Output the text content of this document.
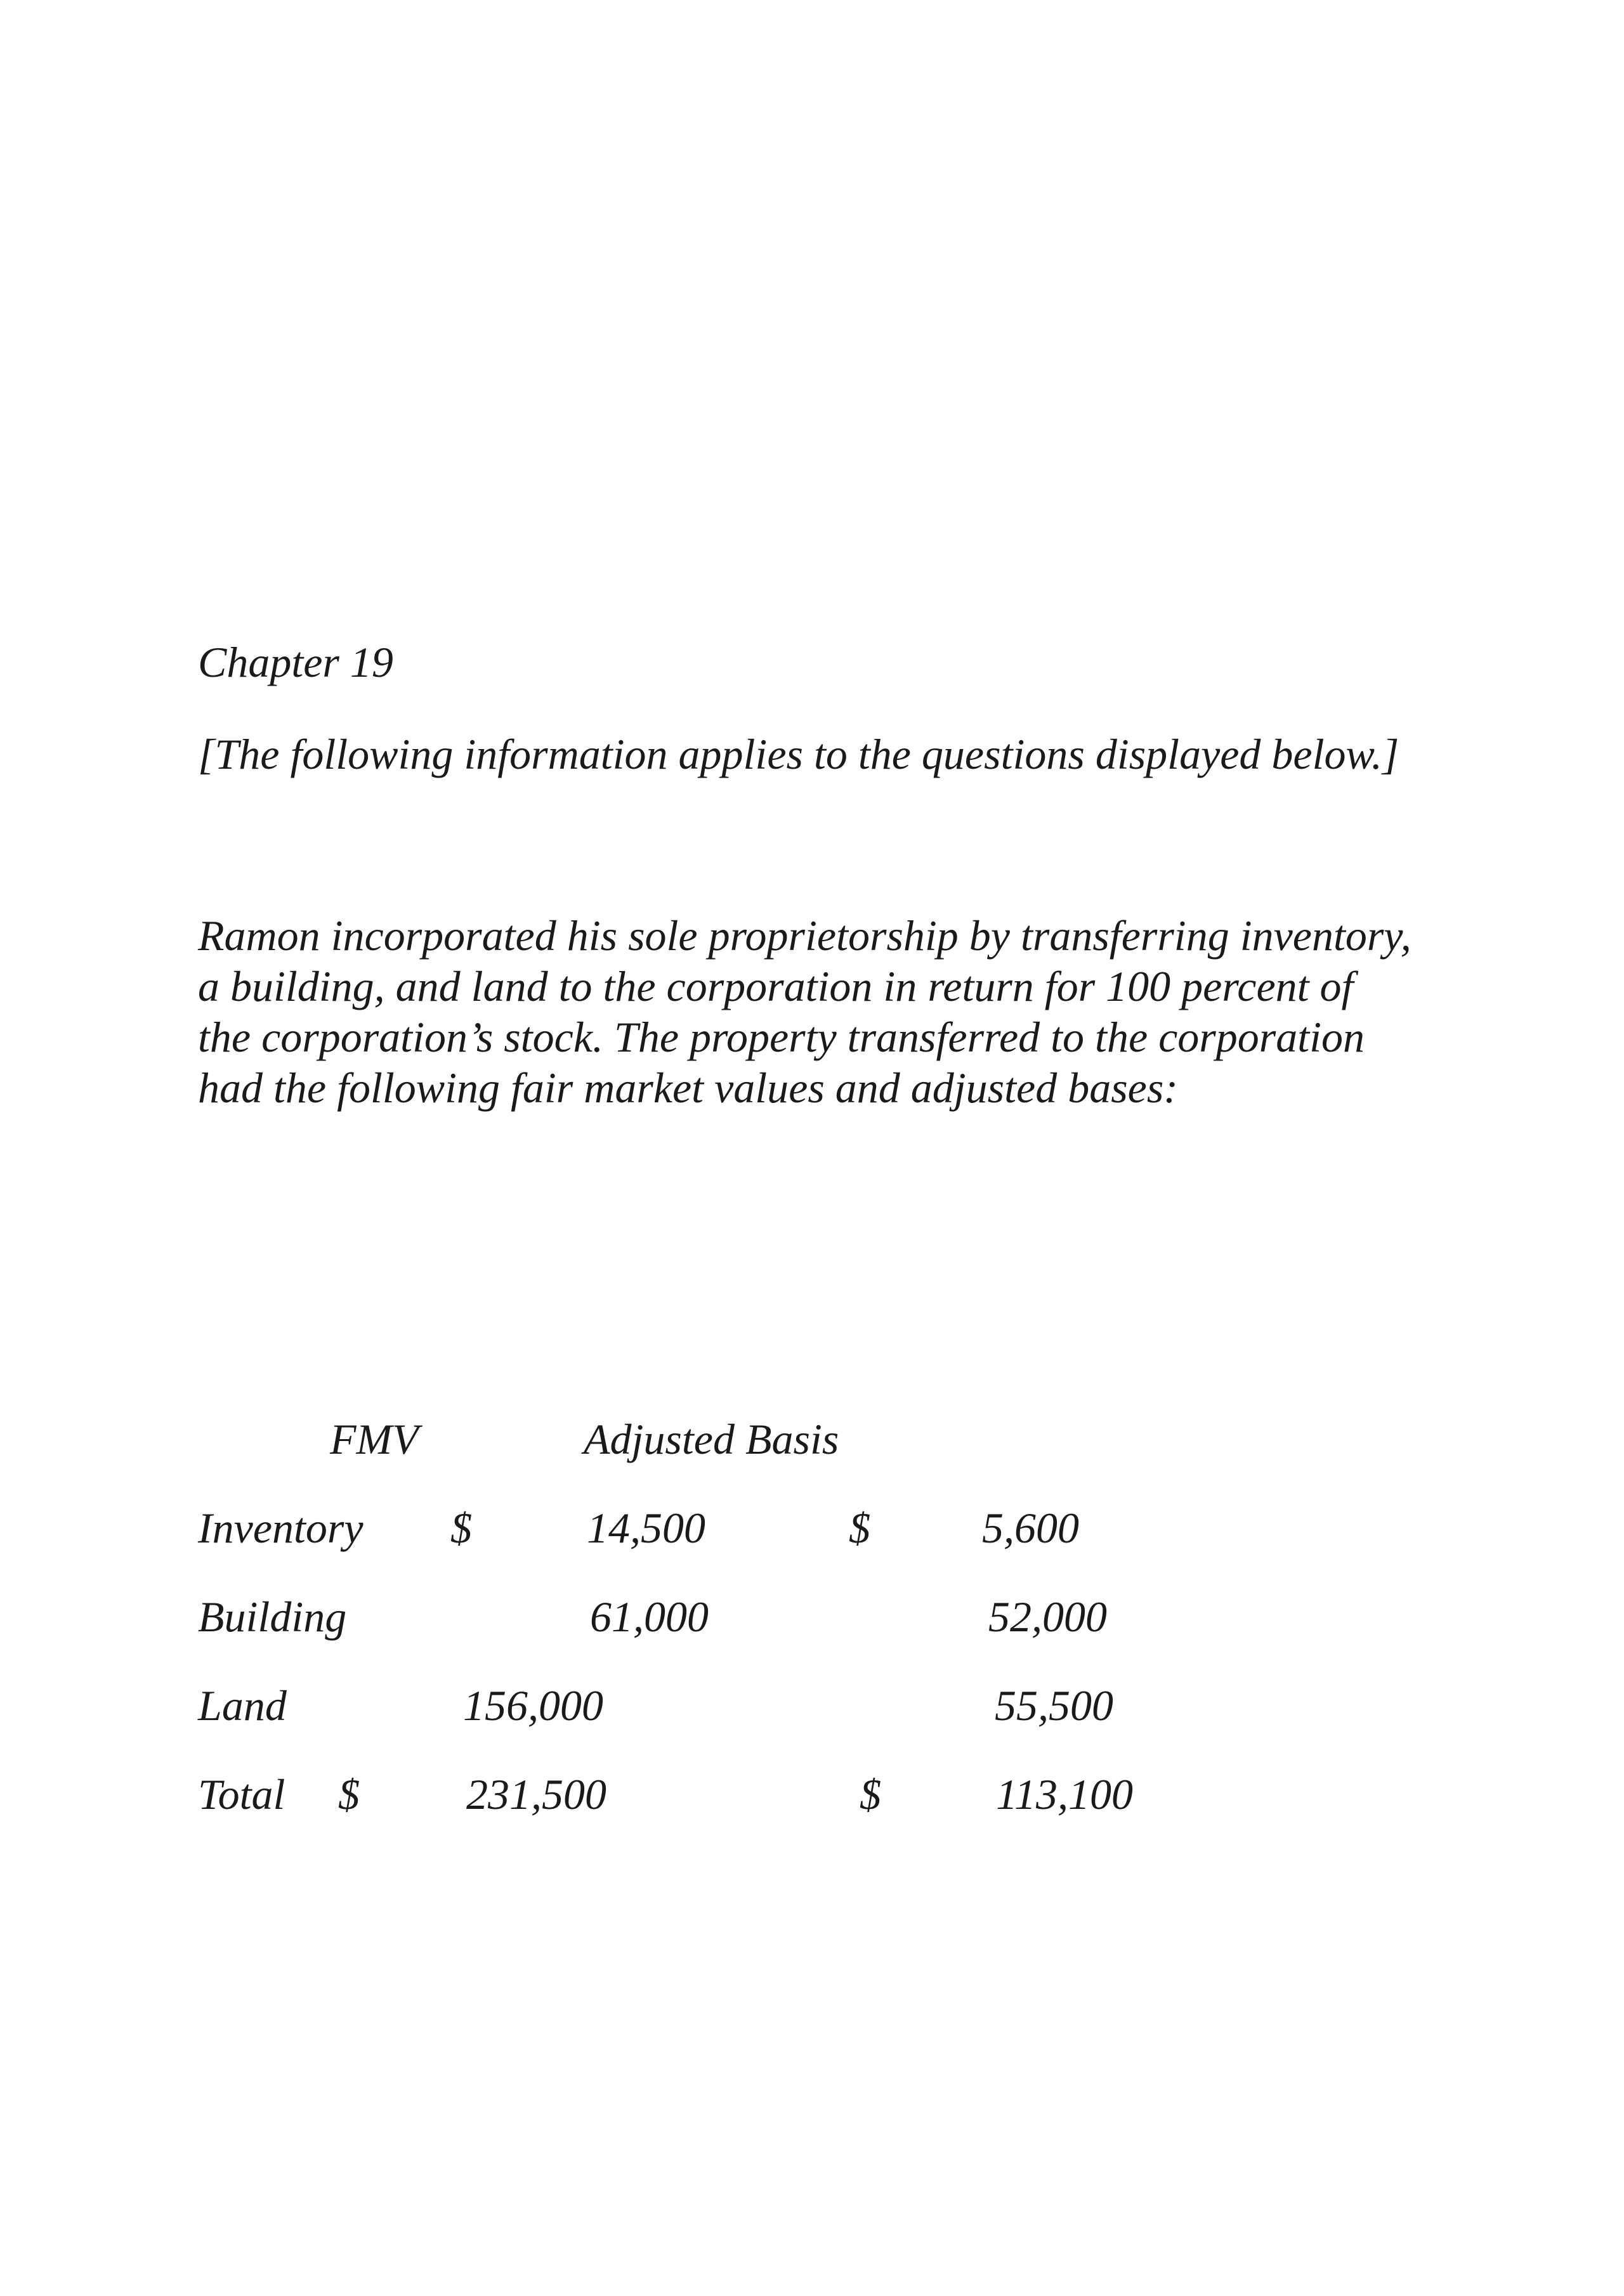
Chapter 19
[The following information applies to the questions displayed below.]
Ramon incorporated his sole proprietorship by transferring inventory,
a building, and land to the corporation in return for 100 percent of
the corporation’s stock. The property transferred to the corporation
had the following fair market values and adjusted bases:
FMV	Adjusted Basis
Inventory $	14,500	$	5,600
Building	61,000	52,000
Land	156,000	55,500
Total $ 231,500	$	113,100
